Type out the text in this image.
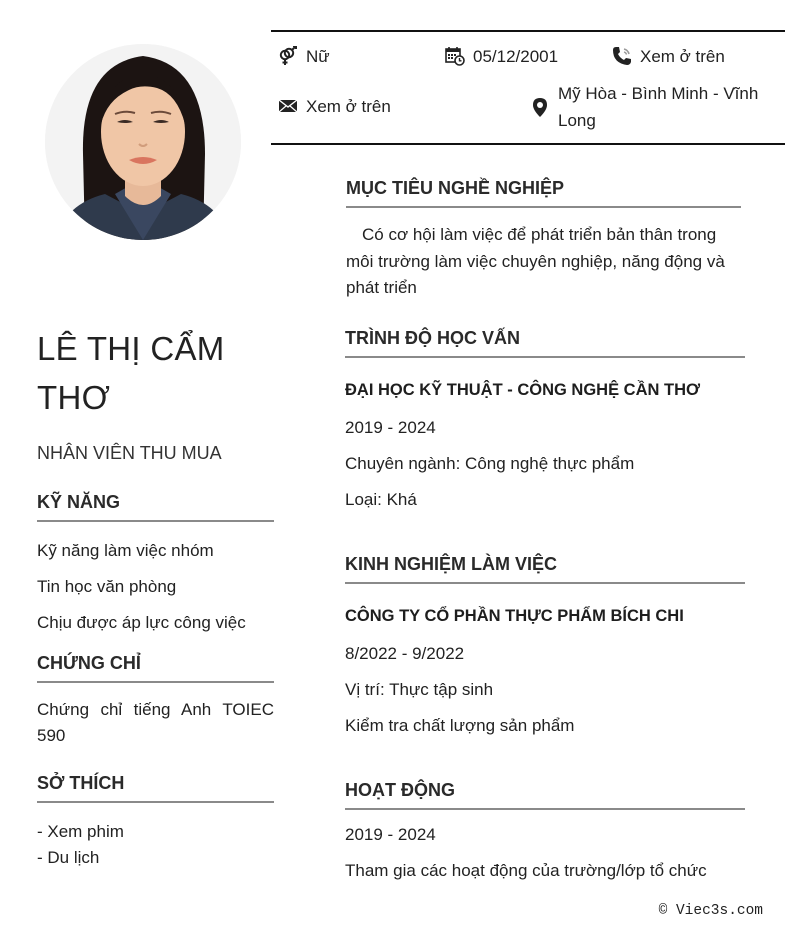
Nữ	05/12/2001	Xem ở trên
Xem ở trên
Mỹ Hòa - Bình Minh - Vĩnh Long
LÊ THỊ CẨM THƠ
NHÂN VIÊN THU MUA
KỸ NĂNG
Kỹ năng làm việc nhóm
Tin học văn phòng
Chịu được áp lực công việc
CHỨNG CHỈ
Chứng chỉ tiếng Anh TOIEC 590
SỞ THÍCH
- Xem phim
- Du lịch
MỤC TIÊU NGHỀ NGHIỆP
Có cơ hội làm việc để phát triển bản thân trong môi trường làm việc chuyên nghiệp, năng động và phát triển
TRÌNH ĐỘ HỌC VẤN
ĐẠI HỌC KỸ THUẬT - CÔNG NGHỆ CẦN THƠ
2019 - 2024
Chuyên ngành: Công nghệ thực phẩm
Loại: Khá
KINH NGHIỆM LÀM VIỆC
CÔNG TY CỔ PHẦN THỰC PHẨM BÍCH CHI
8/2022 - 9/2022
Vị trí: Thực tập sinh
Kiểm tra chất lượng sản phẩm
HOẠT ĐỘNG
2019 - 2024
Tham gia các hoạt động của trường/lớp tổ chức
© Viec3s.com
